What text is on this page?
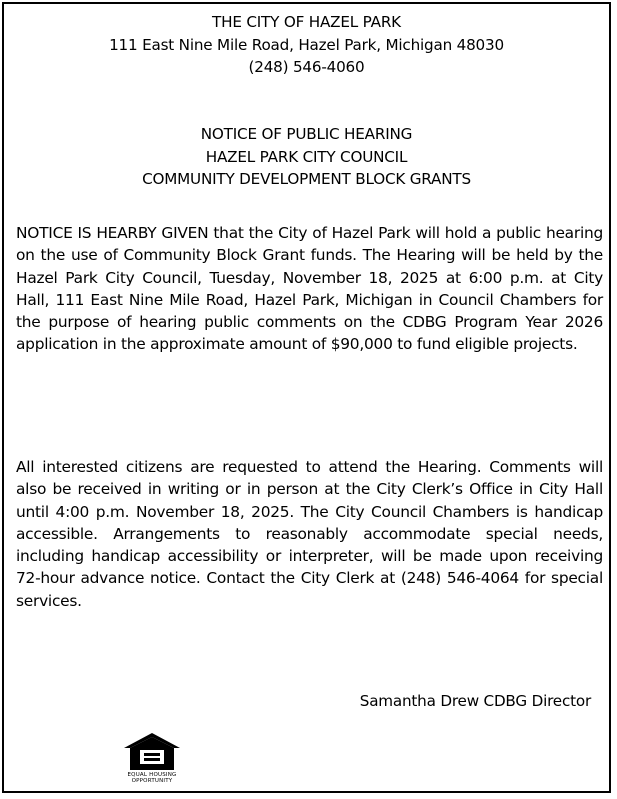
THE CITY OF HAZEL PARK
111 East Nine Mile Road, Hazel Park, Michigan 48030
(248) 546-4060
NOTICE OF PUBLIC HEARING
HAZEL PARK CITY COUNCIL
COMMUNITY DEVELOPMENT BLOCK GRANTS

NOTICE IS HEARBY GIVEN that the City of Hazel Park will hold a public hearing on the use of Community Block Grant funds. The Hearing will be held by the Hazel Park City Council, Tuesday, November 18, 2025 at 6:00 p.m. at City Hall, 111 East Nine Mile Road, Hazel Park, Michigan in Council Chambers for the purpose of hearing public comments on the CDBG Program Year 2026 application in the approximate amount of $90,000 to fund eligible projects.

All interested citizens are requested to attend the Hearing. Comments will also be received in writing or in person at the City Clerk’s Office in City Hall until 4:00 p.m. November 18, 2025. The City Council Chambers is handicap accessible. Arrangements to reasonably accommodate special needs, including handicap accessibility or interpreter, will be made upon receiving 72-hour advance notice. Contact the City Clerk at (248) 546-4064 for special services.

Samantha Drew CDBG Director
EQUAL HOUSING
OPPORTUNITY
